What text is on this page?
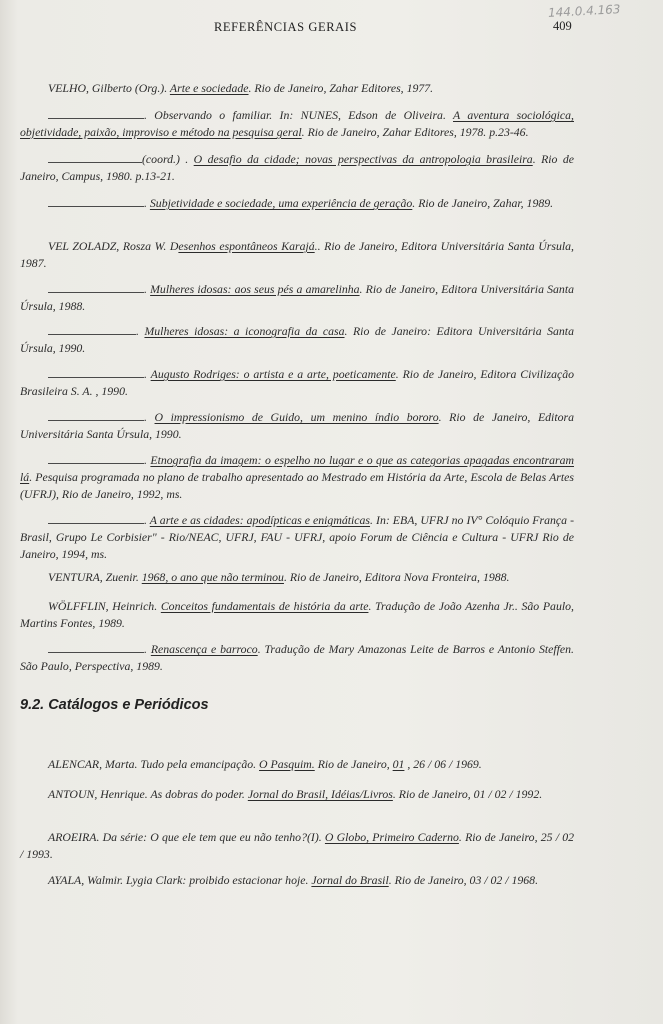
144.0.4.163
REFERÊNCIAS GERAIS	409
VELHO, Gilberto (Org.). Arte e sociedade. Rio de Janeiro, Zahar Editores, 1977.
. Observando o familiar. In: NUNES, Edson de Oliveira. A aventura sociológica, objetividade, paixão, improviso e método na pesquisa geral. Rio de Janeiro, Zahar Editores, 1978. p.23-46.
(coord.) . O desafio da cidade; novas perspectivas da antropologia brasileira. Rio de Janeiro, Campus, 1980. p.13-21.
. Subjetividade e sociedade, uma experiência de geração. Rio de Janeiro, Zahar, 1989.
VEL ZOLADZ, Rosza W. Desenhos espontâneos Karajá.. Rio de Janeiro, Editora Universitária Santa Úrsula, 1987.
. Mulheres idosas: aos seus pés a amarelinha. Rio de Janeiro, Editora Universitária Santa Úrsula, 1988.
. Mulheres idosas: a iconografia da casa. Rio de Janeiro: Editora Universitária Santa Úrsula, 1990.
. Augusto Rodriges: o artista e a arte, poeticamente. Rio de Janeiro, Editora Civilização Brasileira S. A. , 1990.
. O impressionismo de Guido, um menino índio bororo. Rio de Janeiro, Editora Universitária Santa Úrsula, 1990.
. Etnografia da imagem: o espelho no lugar e o que as categorias apagadas encontraram lá. Pesquisa programada no plano de trabalho apresentado ao Mestrado em História da Arte, Escola de Belas Artes (UFRJ), Rio de Janeiro, 1992, ms.
. A arte e as cidades: apodípticas e enigmáticas. In: EBA, UFRJ no IV° Colóquio França - Brasil, Grupo Le Corbisier" - Rio/NEAC, UFRJ, FAU - UFRJ, apoio Forum de Ciência e Cultura - UFRJ Rio de Janeiro, 1994, ms.
VENTURA, Zuenir. 1968, o ano que não terminou. Rio de Janeiro, Editora Nova Fronteira, 1988.
WÖLFFLIN, Heinrich. Conceitos fundamentais de história da arte. Tradução de João Azenha Jr.. São Paulo, Martins Fontes, 1989.
. Renascença e barroco. Tradução de Mary Amazonas Leite de Barros e Antonio Steffen. São Paulo, Perspectiva, 1989.
9.2. Catálogos e Periódicos
ALENCAR, Marta. Tudo pela emancipação. O Pasquim. Rio de Janeiro, 01 , 26 / 06 / 1969.
ANTOUN, Henrique. As dobras do poder. Jornal do Brasil, Idéias/Livros. Rio de Janeiro, 01 / 02 / 1992.
AROEIRA. Da série: O que ele tem que eu não tenho?(I). O Globo, Primeiro Caderno. Rio de Janeiro, 25 / 02 / 1993.
AYALA, Walmir. Lygia Clark: proibido estacionar hoje. Jornal do Brasil. Rio de Janeiro, 03 / 02 / 1968.
